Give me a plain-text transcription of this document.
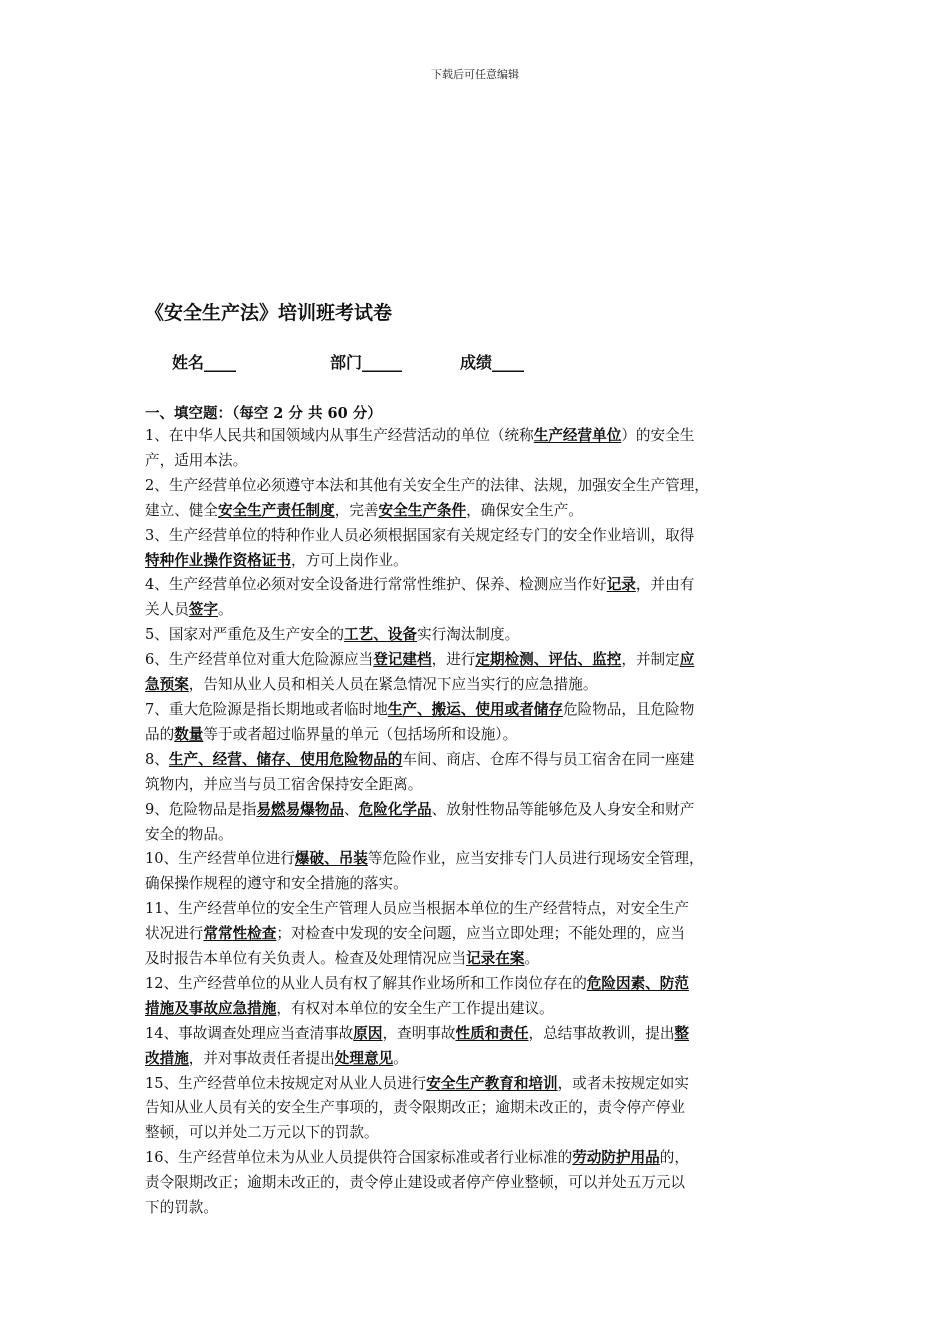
下载后可任意编辑
《安全生产法》培训班考试卷
姓名____	部门_____	成绩____
一、填空题：（每空 2 分 共 60 分）
1、在中华人民共和国领域内从事生产经营活动的单位（统称生产经营单位）的安全生
产，适用本法。
2、生产经营单位必须遵守本法和其他有关安全生产的法律、法规，加强安全生产管理，
建立、健全安全生产责任制度，完善安全生产条件，确保安全生产。
3、生产经营单位的特种作业人员必须根据国家有关规定经专门的安全作业培训，取得
特种作业操作资格证书，方可上岗作业。
4、生产经营单位必须对安全设备进行常常性维护、保养、检测应当作好记录，并由有
关人员签字。
5、国家对严重危及生产安全的工艺、设备实行淘汰制度。
6、生产经营单位对重大危险源应当登记建档，进行定期检测、评估、监控，并制定应
急预案，告知从业人员和相关人员在紧急情况下应当实行的应急措施。
7、重大危险源是指长期地或者临时地生产、搬运、使用或者储存危险物品，且危险物
品的数量等于或者超过临界量的单元（包括场所和设施）。
8、生产、经营、储存、使用危险物品的车间、商店、仓库不得与员工宿舍在同一座建
筑物内，并应当与员工宿舍保持安全距离。
9、危险物品是指易燃易爆物品、危险化学品、放射性物品等能够危及人身安全和财产
安全的物品。
10、生产经营单位进行爆破、吊装等危险作业，应当安排专门人员进行现场安全管理，
确保操作规程的遵守和安全措施的落实。
11、生产经营单位的安全生产管理人员应当根据本单位的生产经营特点，对安全生产
状况进行常常性检查；对检查中发现的安全问题，应当立即处理；不能处理的，应当
及时报告本单位有关负责人。检查及处理情况应当记录在案。
12、生产经营单位的从业人员有权了解其作业场所和工作岗位存在的危险因素、防范
措施及事故应急措施，有权对本单位的安全生产工作提出建议。
14、事故调查处理应当查清事故原因，查明事故性质和责任，总结事故教训，提出整
改措施，并对事故责任者提出处理意见。
15、生产经营单位未按规定对从业人员进行安全生产教育和培训，或者未按规定如实
告知从业人员有关的安全生产事项的，责令限期改正；逾期未改正的，责令停产停业
整顿，可以并处二万元以下的罚款。
16、生产经营单位未为从业人员提供符合国家标准或者行业标准的劳动防护用品的，
责令限期改正；逾期未改正的，责令停止建设或者停产停业整顿，可以并处五万元以
下的罚款。
